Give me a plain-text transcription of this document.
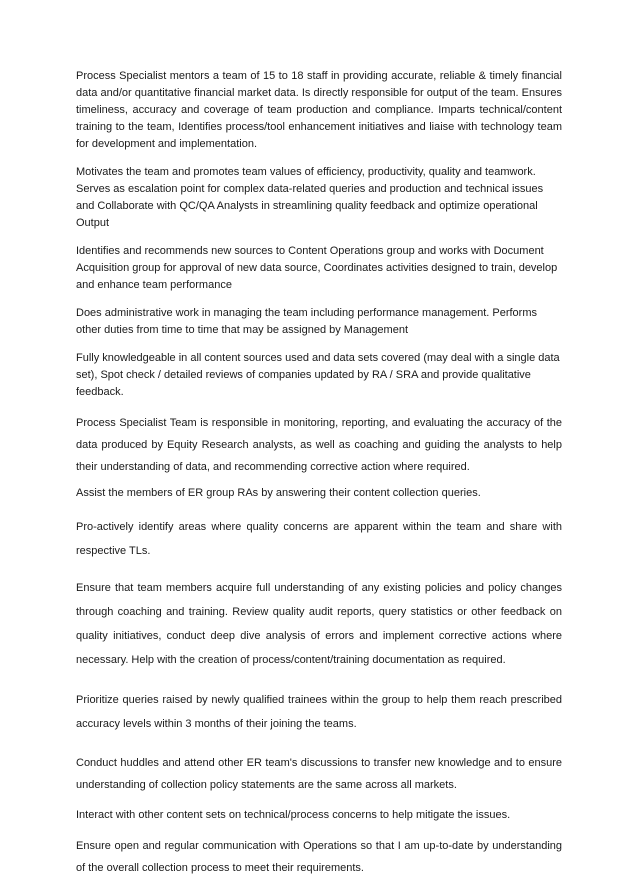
Process Specialist mentors a team of 15 to 18 staff in providing accurate, reliable & timely financial data and/or quantitative financial market data. Is directly responsible for output of the team. Ensures timeliness, accuracy and coverage of team production and compliance. Imparts technical/content training to the team, Identifies process/tool enhancement initiatives and liaise with technology team for development and implementation.

Motivates the team and promotes team values of efficiency, productivity, quality and teamwork. Serves as escalation point for complex data-related queries and production and technical issues and Collaborate with QC/QA Analysts in streamlining quality feedback and optimize operational Output

Identifies and recommends new sources to Content Operations group and works with Document Acquisition group for approval of new data source, Coordinates activities designed to train, develop and enhance team performance

Does administrative work in managing the team including performance management. Performs other duties from time to time that may be assigned by Management

Fully knowledgeable in all content sources used and data sets covered (may deal with a single data set), Spot check / detailed reviews of companies updated by RA / SRA and provide qualitative feedback.

Process Specialist Team is responsible in monitoring, reporting, and evaluating the accuracy of the data produced by Equity Research analysts, as well as coaching and guiding the analysts to help their understanding of data, and recommending corrective action where required.

Assist the members of ER group RAs by answering their content collection queries.

Pro-actively identify areas where quality concerns are apparent within the team and share with respective TLs.

Ensure that team members acquire full understanding of any existing policies and policy changes through coaching and training. Review quality audit reports, query statistics or other feedback on quality initiatives, conduct deep dive analysis of errors and implement corrective actions where necessary. Help with the creation of process/content/training documentation as required.

Prioritize queries raised by newly qualified trainees within the group to help them reach prescribed accuracy levels within 3 months of their joining the teams.

Conduct huddles and attend other ER team's discussions to transfer new knowledge and to ensure understanding of collection policy statements are the same across all markets.

Interact with other content sets on technical/process concerns to help mitigate the issues.

Ensure open and regular communication with Operations so that I am up-to-date by understanding of the overall collection process to meet their requirements.
